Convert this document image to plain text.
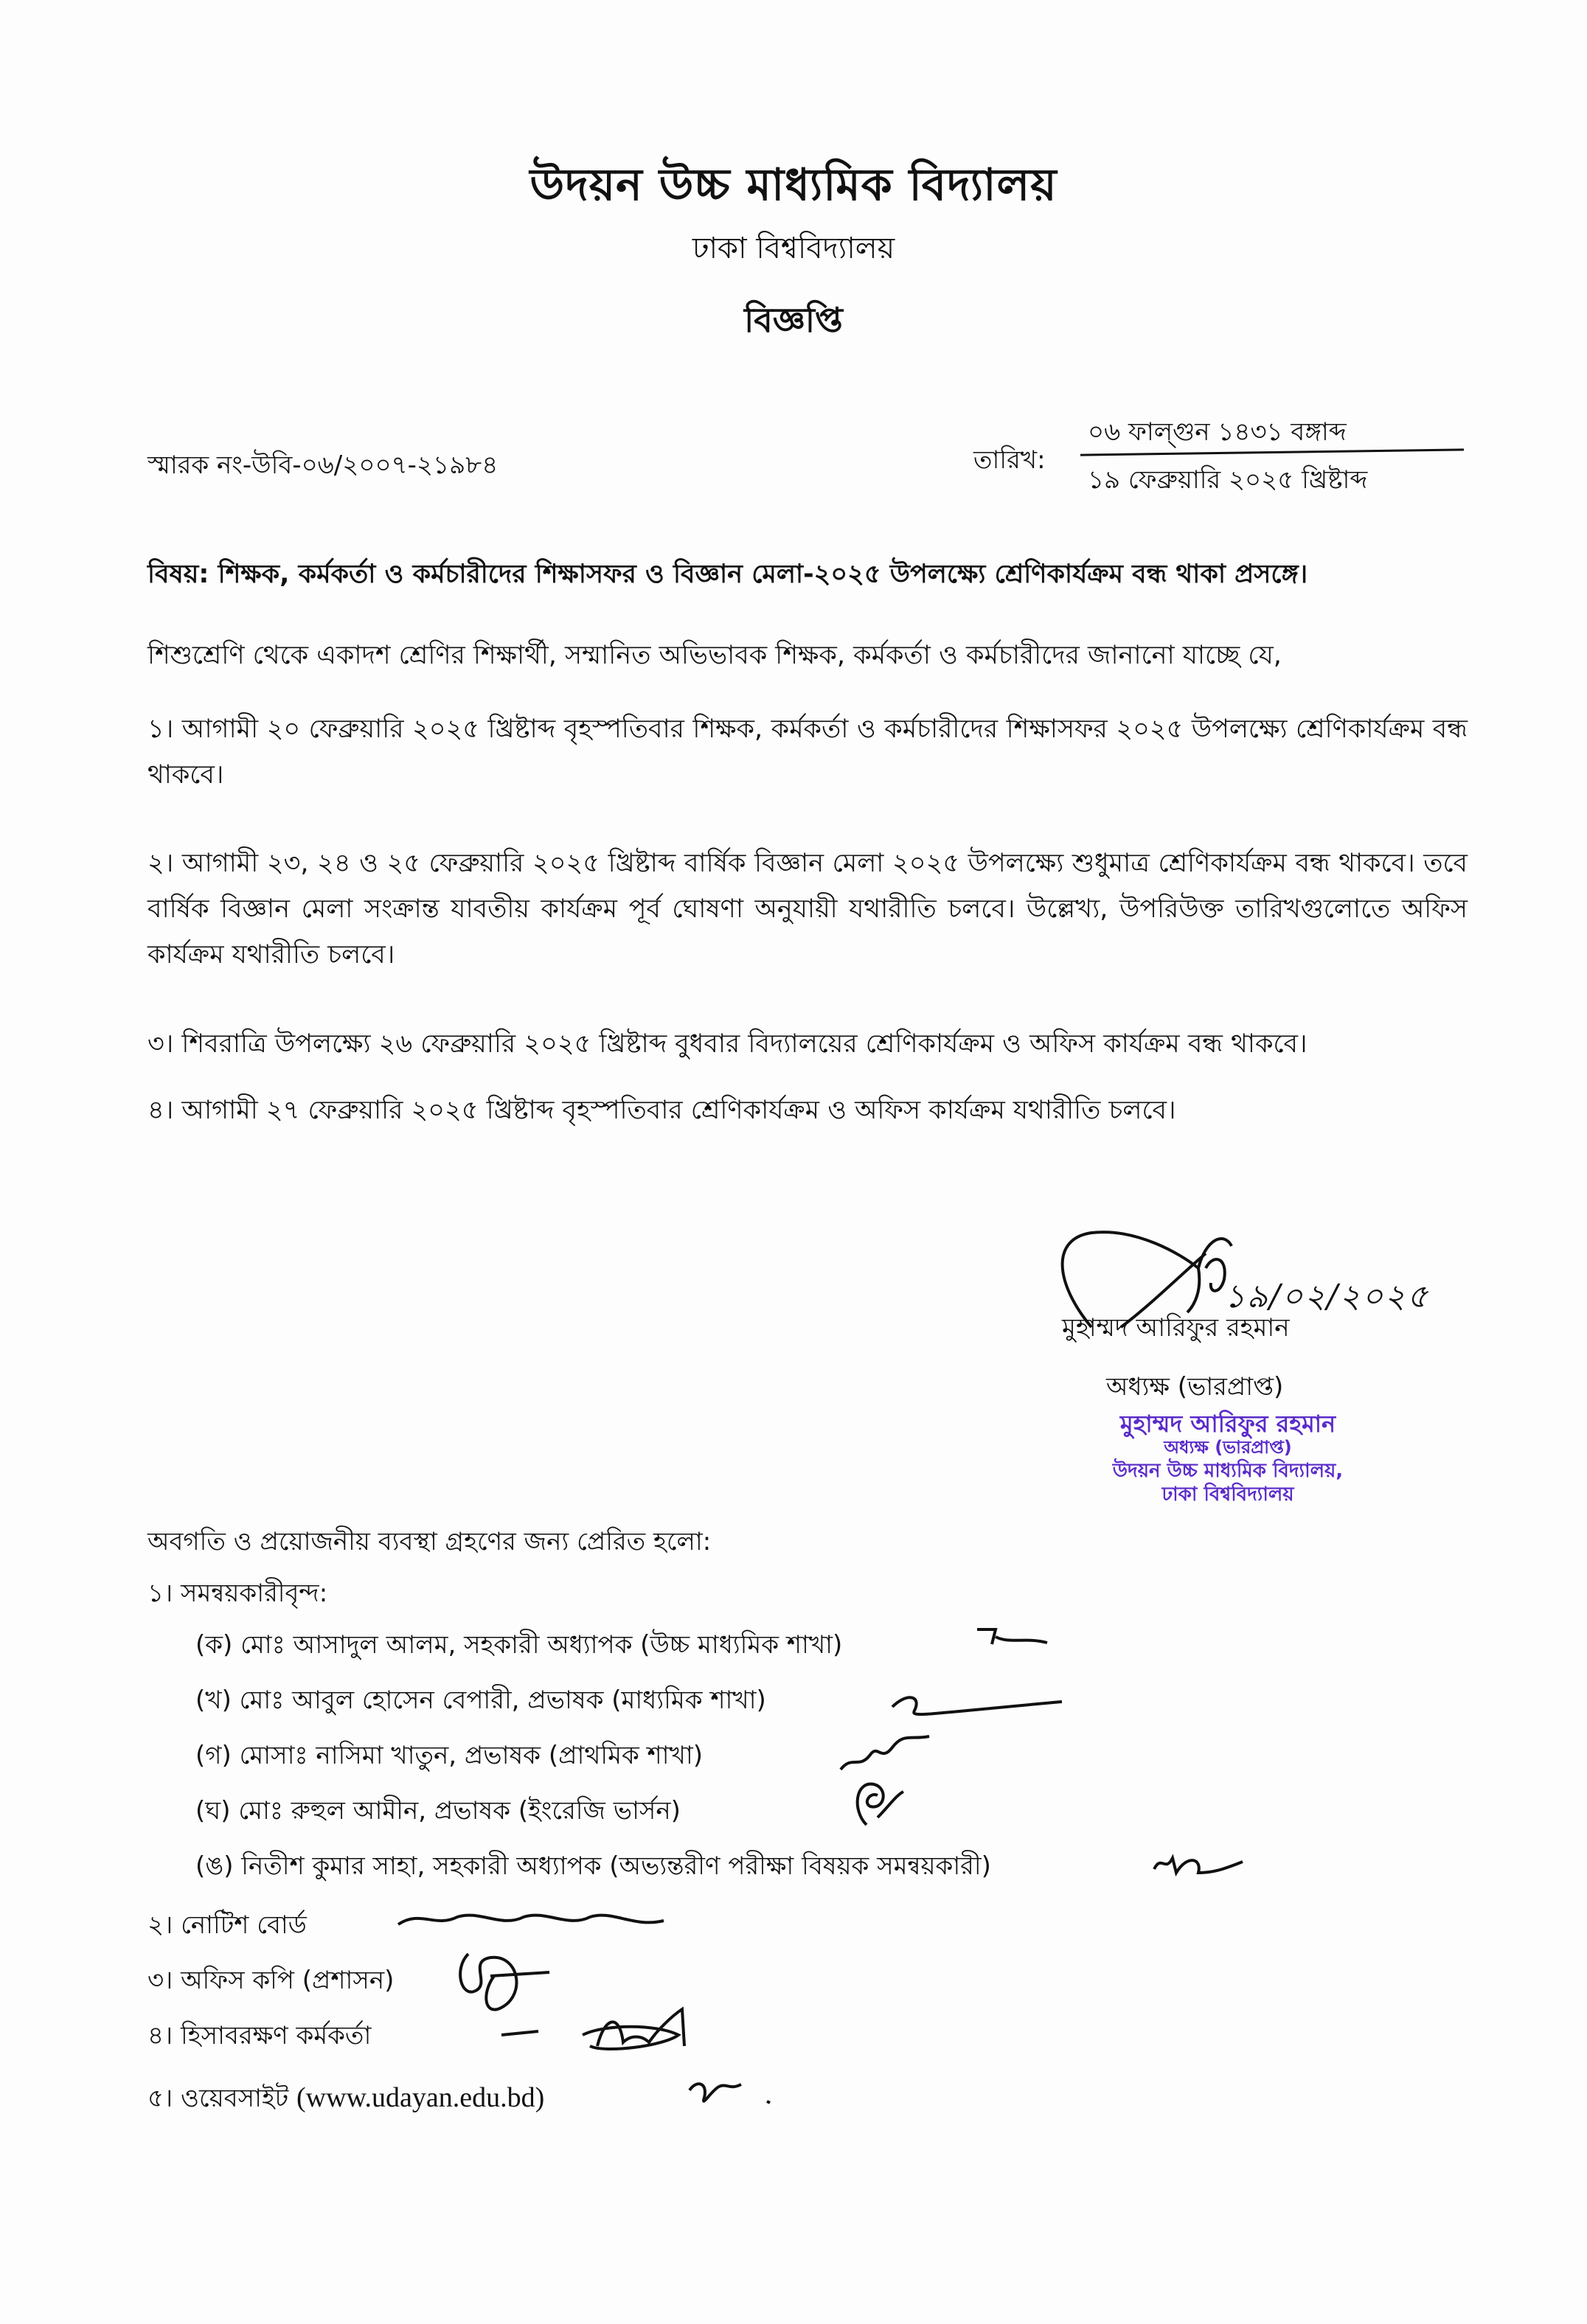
উদয়ন উচ্চ মাধ্যমিক বিদ্যালয়
ঢাকা বিশ্ববিদ্যালয়
বিজ্ঞপ্তি
স্মারক নং-উবি-০৬/২০০৭-২১৯৮৪	তারিখ:
০৬ ফাল্গুন ১৪৩১ বঙ্গাব্দ
১৯ ফেব্রুয়ারি ২০২৫ খ্রিষ্টাব্দ
বিষয়: শিক্ষক, কর্মকর্তা ও কর্মচারীদের শিক্ষাসফর ও বিজ্ঞান মেলা-২০২৫ উপলক্ষ্যে শ্রেণিকার্যক্রম বন্ধ থাকা প্রসঙ্গে।
শিশুশ্রেণি থেকে একাদশ শ্রেণির শিক্ষার্থী, সম্মানিত অভিভাবক শিক্ষক, কর্মকর্তা ও কর্মচারীদের জানানো যাচ্ছে যে,
১। আগামী ২০ ফেব্রুয়ারি ২০২৫ খ্রিষ্টাব্দ বৃহস্পতিবার শিক্ষক, কর্মকর্তা ও কর্মচারীদের শিক্ষাসফর ২০২৫ উপলক্ষ্যে শ্রেণিকার্যক্রম বন্ধ থাকবে।
২। আগামী ২৩, ২৪ ও ২৫ ফেব্রুয়ারি ২০২৫ খ্রিষ্টাব্দ বার্ষিক বিজ্ঞান মেলা ২০২৫ উপলক্ষ্যে শুধুমাত্র শ্রেণিকার্যক্রম বন্ধ থাকবে। তবে বার্ষিক বিজ্ঞান মেলা সংক্রান্ত যাবতীয় কার্যক্রম পূর্ব ঘোষণা অনুযায়ী যথারীতি চলবে। উল্লেখ্য, উপরিউক্ত তারিখগুলোতে অফিস কার্যক্রম যথারীতি চলবে।
৩। শিবরাত্রি উপলক্ষ্যে ২৬ ফেব্রুয়ারি ২০২৫ খ্রিষ্টাব্দ বুধবার বিদ্যালয়ের শ্রেণিকার্যক্রম ও অফিস কার্যক্রম বন্ধ থাকবে।
৪। আগামী ২৭ ফেব্রুয়ারি ২০২৫ খ্রিষ্টাব্দ বৃহস্পতিবার শ্রেণিকার্যক্রম ও অফিস কার্যক্রম যথারীতি চলবে।
১৯/০২/২০২৫
মুহাম্মদ আরিফুর রহমান
অধ্যক্ষ (ভারপ্রাপ্ত)
মুহাম্মদ আরিফুর রহমান
অধ্যক্ষ (ভারপ্রাপ্ত)
উদয়ন উচ্চ মাধ্যমিক বিদ্যালয়,
ঢাকা বিশ্ববিদ্যালয়
অবগতি ও প্রয়োজনীয় ব্যবস্থা গ্রহণের জন্য প্রেরিত হলো:
১। সমন্বয়কারীবৃন্দ:
(ক) মোঃ আসাদুল আলম, সহকারী অধ্যাপক (উচ্চ মাধ্যমিক শাখা)
(খ) মোঃ আবুল হোসেন বেপারী, প্রভাষক (মাধ্যমিক শাখা)
(গ) মোসাঃ নাসিমা খাতুন, প্রভাষক (প্রাথমিক শাখা)
(ঘ) মোঃ রুহুল আমীন, প্রভাষক (ইংরেজি ভার্সন)
(ঙ) নিতীশ কুমার সাহা, সহকারী অধ্যাপক (অভ্যন্তরীণ পরীক্ষা বিষয়ক সমন্বয়কারী)
২। নোটিশ বোর্ড
৩। অফিস কপি (প্রশাসন)
৪। হিসাবরক্ষণ কর্মকর্তা
৫। ওয়েবসাইট (www.udayan.edu.bd)
